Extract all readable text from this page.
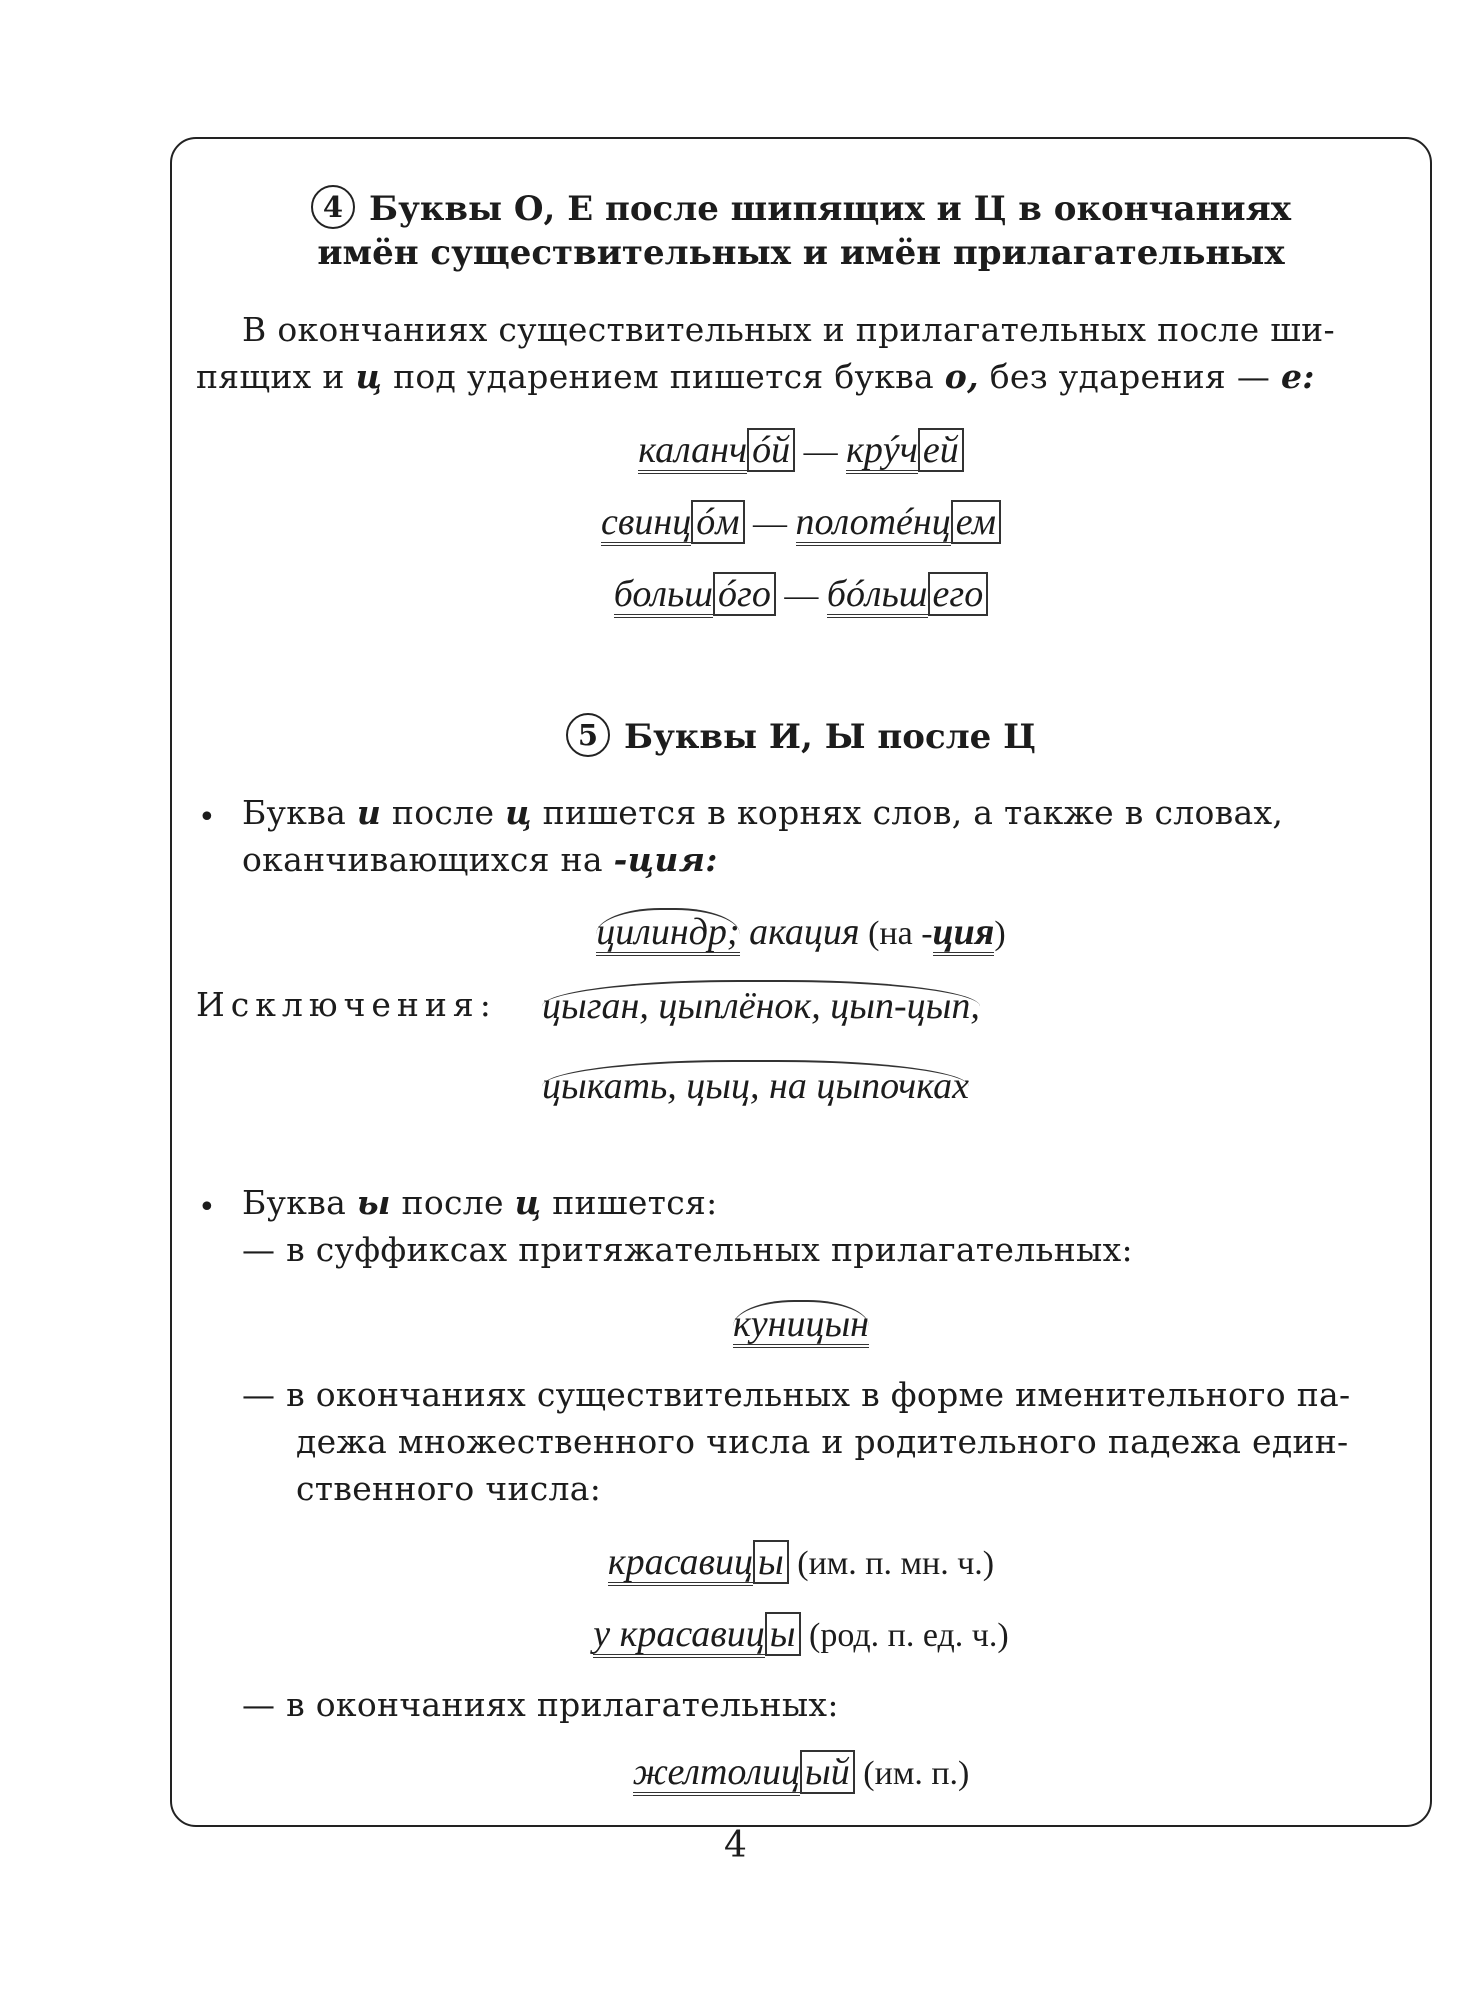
4 Буквы О, Е после шипящих и Ц в окончаниях
имён существительных и имён прилагательных
В окончаниях существительных и прилагательных после ши-
пящих и ц под ударением пишется буква о, без ударения — е:
каланч óй — крýч ей
свинц óм — полотéнц ем
больш óго — бóльш его
5 Буквы И, Ы после Ц
• Буква и после ц пишется в корнях слов, а также в словах,
оканчивающихся на -ция:
цилиндр; акация (на -ция)
Исключения: цыган, цыплёнок, цып-цып,
цыкать, цыц, на цыпочках
• Буква ы после ц пишется:
— в суффиксах притяжательных прилагательных:
куницын
— в окончаниях существительных в форме именительного па-
дежа множественного числа и родительного падежа един-
ственного числа:
красавиц ы (им. п. мн. ч.)
у красавиц ы (род. п. ед. ч.)
— в окончаниях прилагательных:
желтолиц ый (им. п.)
4
